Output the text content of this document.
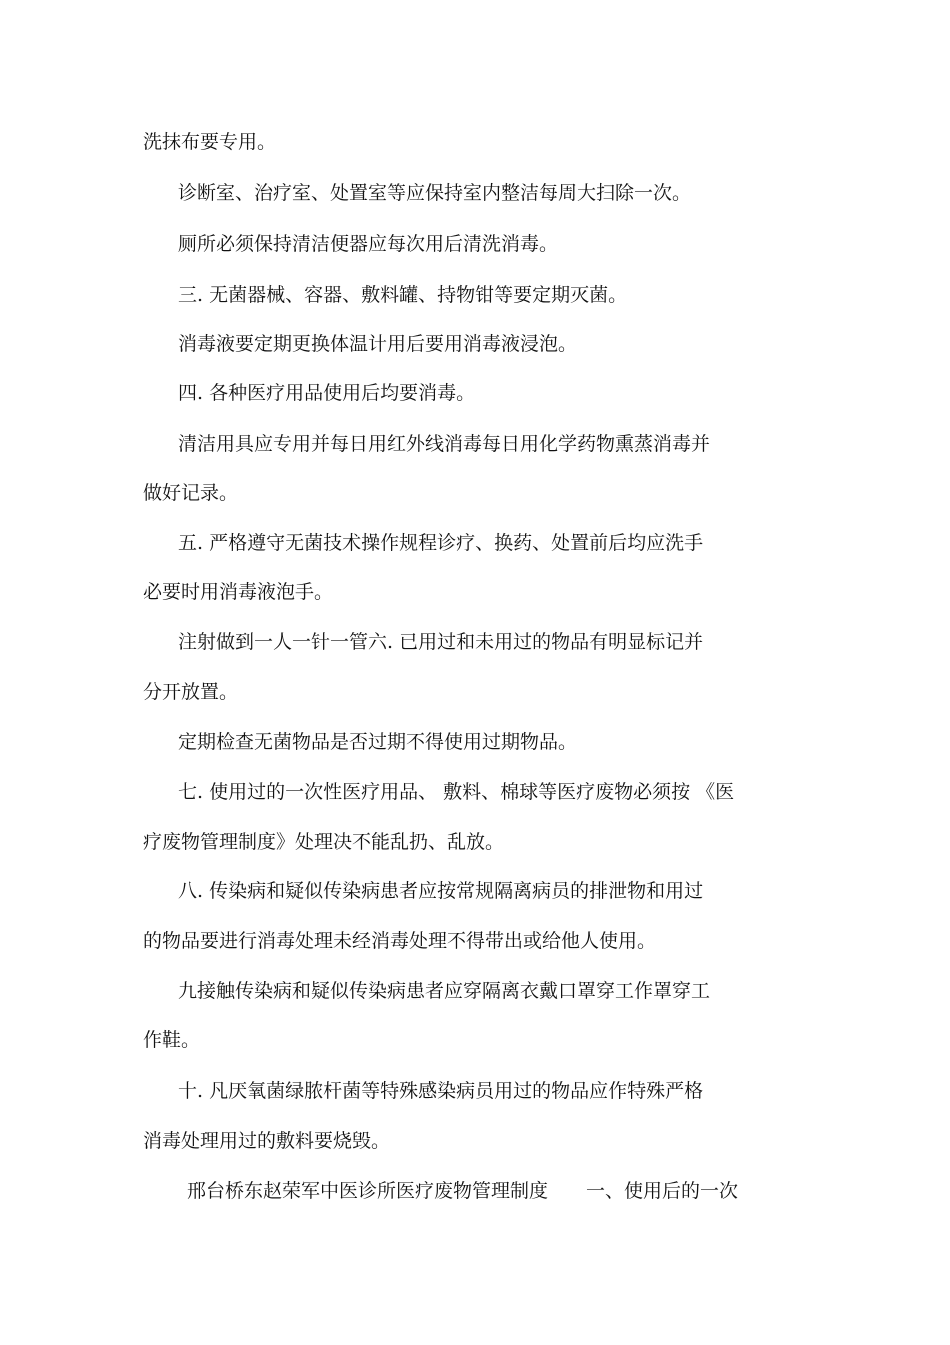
洗抹布要专用。
诊断室、治疗室、处置室等应保持室内整洁每周大扫除一次。
厕所必须保持清洁便器应每次用后清洗消毒。
三. 无菌器械、容器、敷料罐、持物钳等要定期灭菌。
消毒液要定期更换体温计用后要用消毒液浸泡。
四. 各种医疗用品使用后均要消毒。
清洁用具应专用并每日用红外线消毒每日用化学药物熏蒸消毒并
做好记录。
五. 严格遵守无菌技术操作规程诊疗、换药、处置前后均应洗手
必要时用消毒液泡手。
注射做到一人一针一管六. 已用过和未用过的物品有明显标记并
分开放置。
定期检查无菌物品是否过期不得使用过期物品。
七. 使用过的一次性医疗用品、 敷料、棉球等医疗废物必须按 《医
疗废物管理制度》处理决不能乱扔、乱放。
八. 传染病和疑似传染病患者应按常规隔离病员的排泄物和用过
的物品要进行消毒处理未经消毒处理不得带出或给他人使用。
九接触传染病和疑似传染病患者应穿隔离衣戴口罩穿工作罩穿工
作鞋。
十. 凡厌氧菌绿脓杆菌等特殊感染病员用过的物品应作特殊严格
消毒处理用过的敷料要烧毁。
邢台桥东赵荣军中医诊所医疗废物管理制度　　一、使用后的一次
